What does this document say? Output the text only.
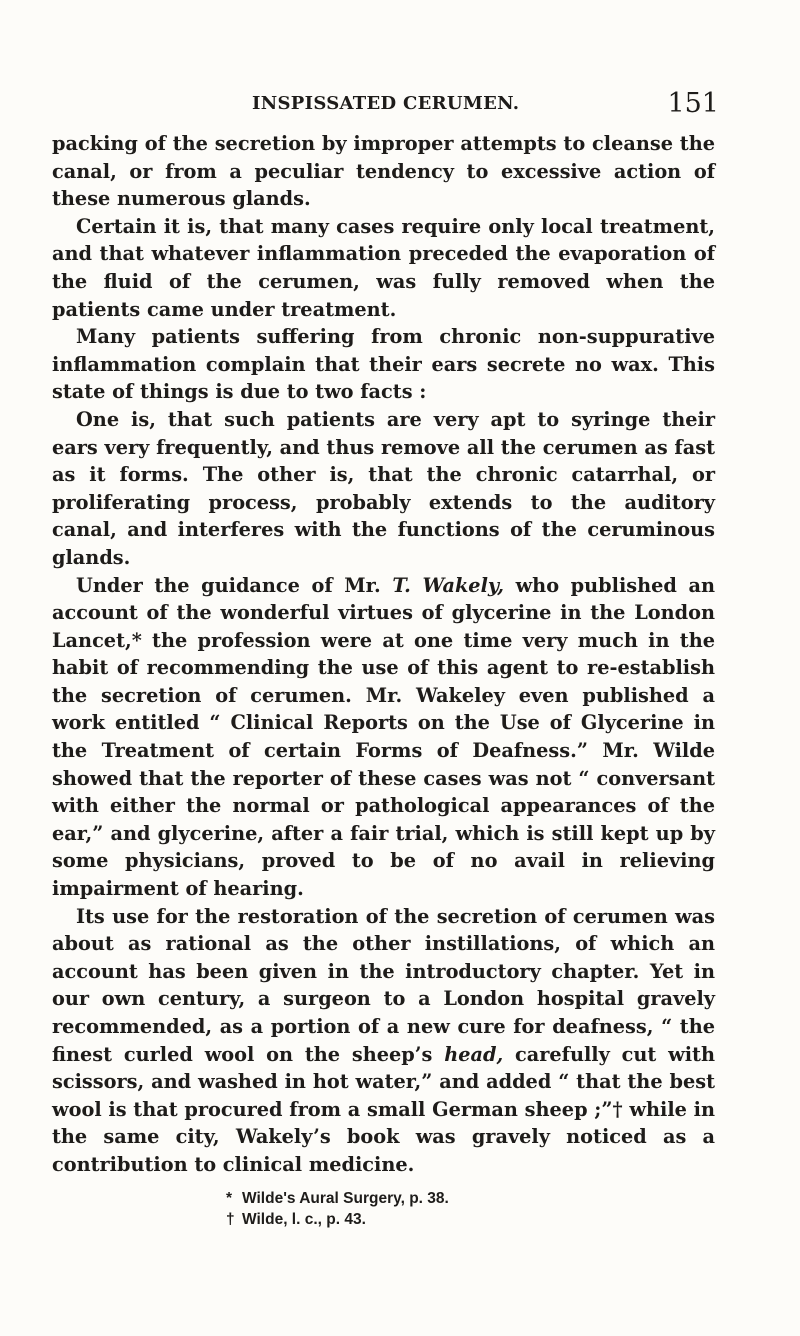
INSPISSATED CERUMEN.	151

packing of the secretion by improper attempts to cleanse the canal, or from a peculiar tendency to excessive action of these numerous glands.

Certain it is, that many cases require only local treatment, and that whatever inflammation preceded the evaporation of the fluid of the cerumen, was fully removed when the patients came under treatment.

Many patients suffering from chronic non-suppurative inflammation complain that their ears secrete no wax. This state of things is due to two facts :

One is, that such patients are very apt to syringe their ears very frequently, and thus remove all the cerumen as fast as it forms. The other is, that the chronic catarrhal, or proliferating process, probably extends to the auditory canal, and interferes with the functions of the ceruminous glands.

Under the guidance of Mr. T. Wakely, who published an account of the wonderful virtues of glycerine in the London Lancet,* the profession were at one time very much in the habit of recommending the use of this agent to re-establish the secretion of cerumen. Mr. Wakeley even published a work entitled “ Clinical Reports on the Use of Glycerine in the Treatment of certain Forms of Deafness.” Mr. Wilde showed that the reporter of these cases was not “ conversant with either the normal or pathological appearances of the ear,” and glycerine, after a fair trial, which is still kept up by some physicians, proved to be of no avail in relieving impairment of hearing.

Its use for the restoration of the secretion of cerumen was about as rational as the other instillations, of which an account has been given in the introductory chapter. Yet in our own century, a surgeon to a London hospital gravely recommended, as a portion of a new cure for deafness, “ the finest curled wool on the sheep’s head, carefully cut with scissors, and washed in hot water,” and added “ that the best wool is that procured from a small German sheep ;”† while in the same city, Wakely’s book was gravely noticed as a contribution to clinical medicine.

* Wilde's Aural Surgery, p. 38.
† Wilde, l. c., p. 43.
